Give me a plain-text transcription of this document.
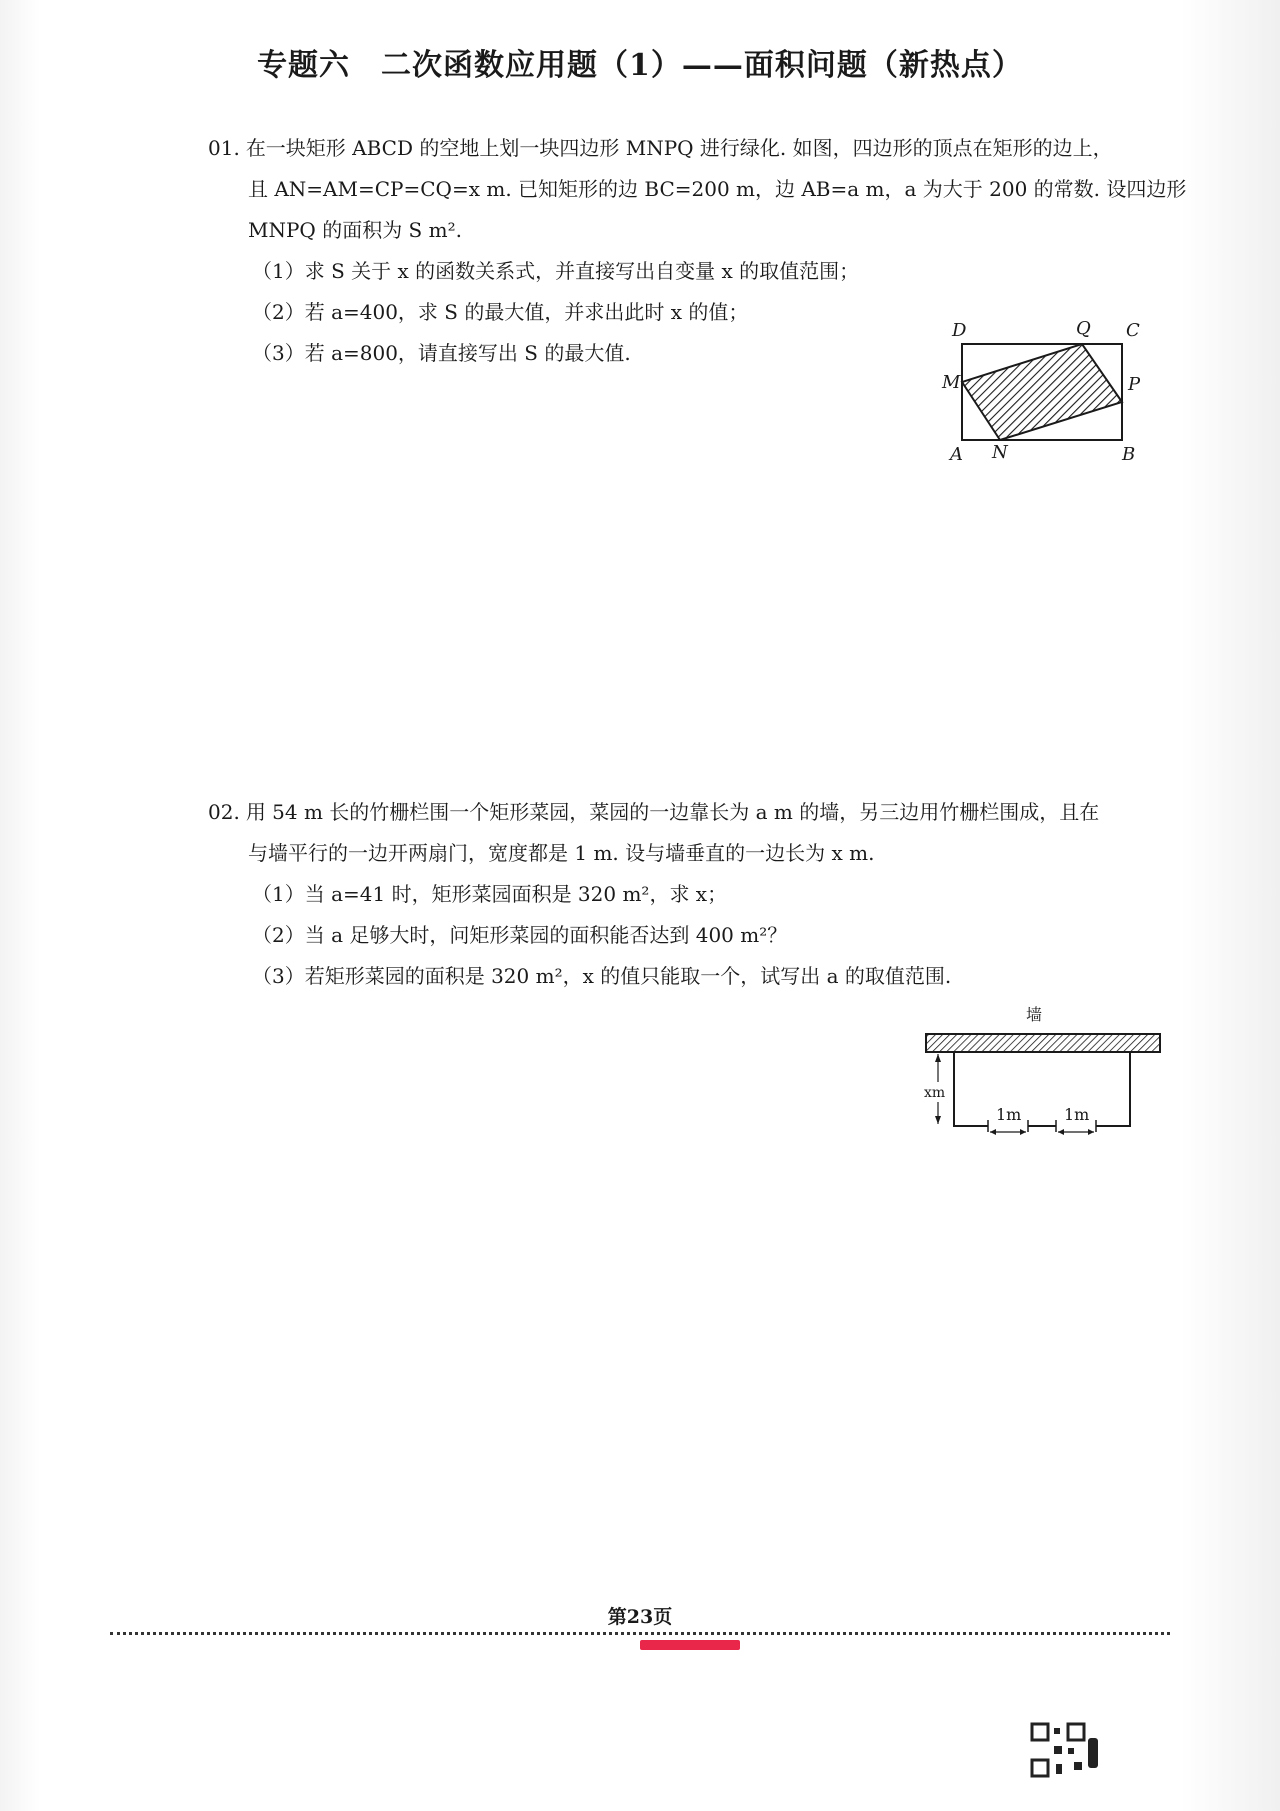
专题六　二次函数应用题（1）——面积问题（新热点）
01. 在一块矩形 ABCD 的空地上划一块四边形 MNPQ 进行绿化. 如图，四边形的顶点在矩形的边上，
且 AN=AM=CP=CQ=x m. 已知矩形的边 BC=200 m，边 AB=a m，a 为大于 200 的常数. 设四边形
MNPQ 的面积为 S m².
（1）求 S 关于 x 的函数关系式，并直接写出自变量 x 的取值范围；
（2）若 a=400，求 S 的最大值，并求出此时 x 的值；
（3）若 a=800，请直接写出 S 的最大值.
D	Q C
M	P
A N	B
02. 用 54 m 长的竹栅栏围一个矩形菜园，菜园的一边靠长为 a m 的墙，另三边用竹栅栏围成，且在
与墙平行的一边开两扇门，宽度都是 1 m. 设与墙垂直的一边长为 x m.
（1）当 a=41 时，矩形菜园面积是 320 m²，求 x；
（2）当 a 足够大时，问矩形菜园的面积能否达到 400 m²？
（3）若矩形菜园的面积是 320 m²，x 的值只能取一个，试写出 a 的取值范围.
墙
1m	1m
xm
第23页
